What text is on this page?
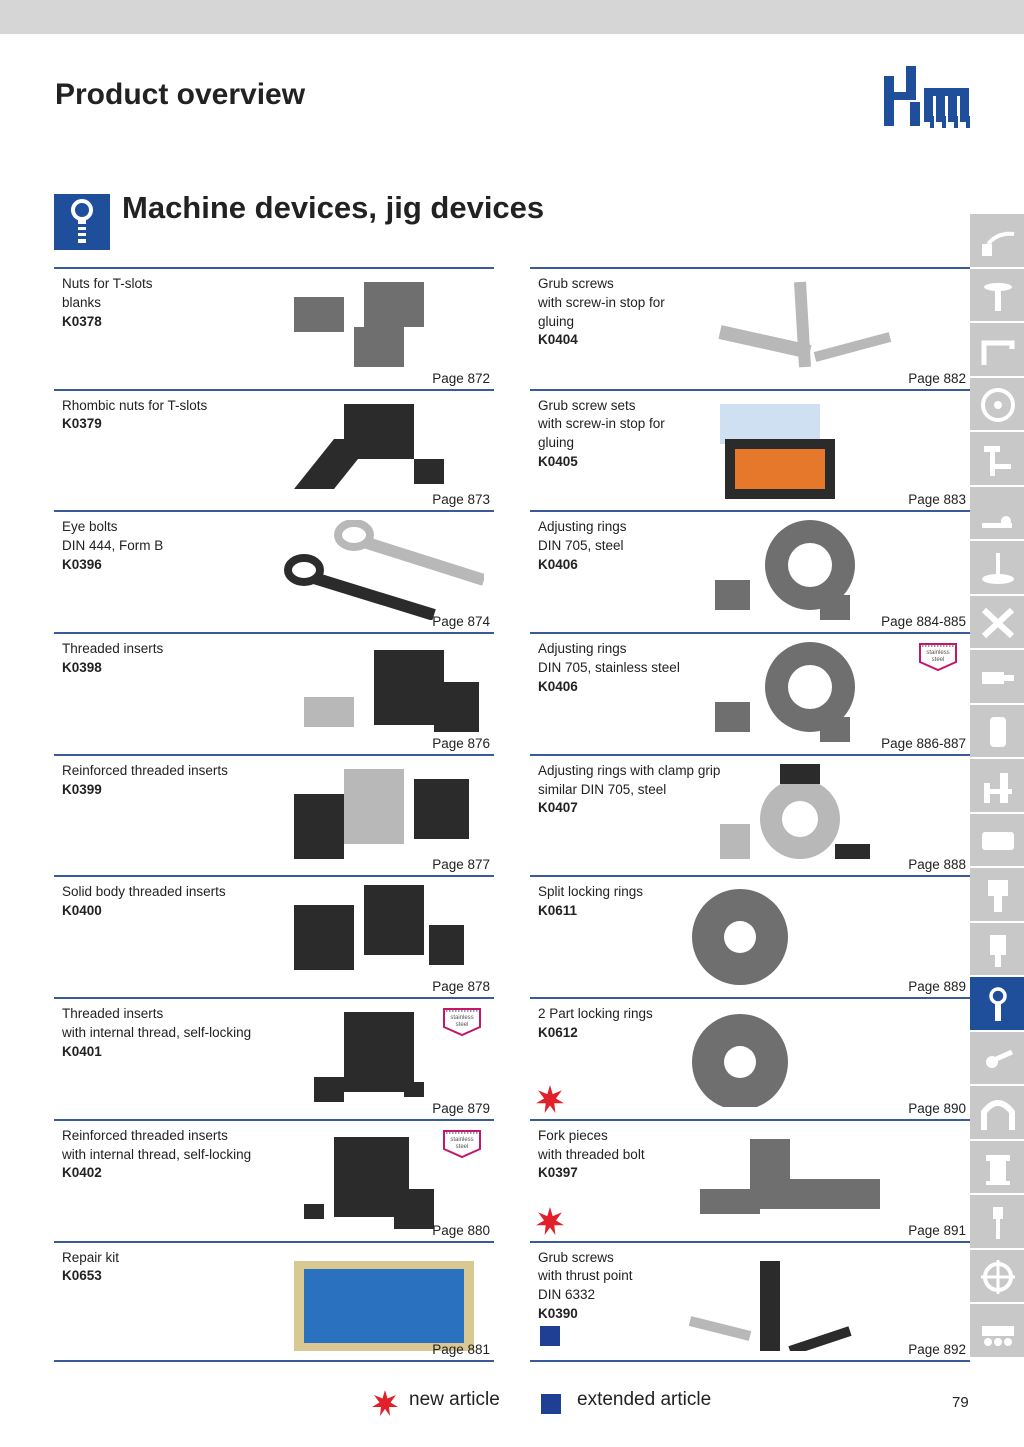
Product overview
Machine devices, jig devices
Nuts for T-slots
blanks
K0378
Page 872
Rhombic nuts for T-slots
K0379
Page 873
Eye bolts
DIN 444, Form B
K0396
Page 874
Threaded inserts
K0398
Page 876
Reinforced threaded inserts
K0399
Page 877
Solid body threaded inserts
K0400
Page 878
Threaded inserts
with internal thread, self-locking
K0401
stainless
steel
Page 879
Reinforced threaded inserts
with internal thread, self-locking
K0402
stainless
steel
Page 880
Repair kit
K0653
Page 881
Grub screws
with screw-in stop for
gluing
K0404
Page 882
Grub screw sets
with screw-in stop for
gluing
K0405
Page 883
Adjusting rings
DIN 705, steel
K0406
Page 884-885
Adjusting rings
DIN 705, stainless steel
K0406
stainless
steel
Page 886-887
Adjusting rings with clamp grip
similar DIN 705, steel
K0407
Page 888
Split locking rings
K0611
Page 889
2 Part locking rings
K0612
Page 890
Fork pieces
with threaded bolt
K0397
Page 891
Grub screws
with thrust point
DIN 6332
K0390
Page 892
new article	extended article	79
